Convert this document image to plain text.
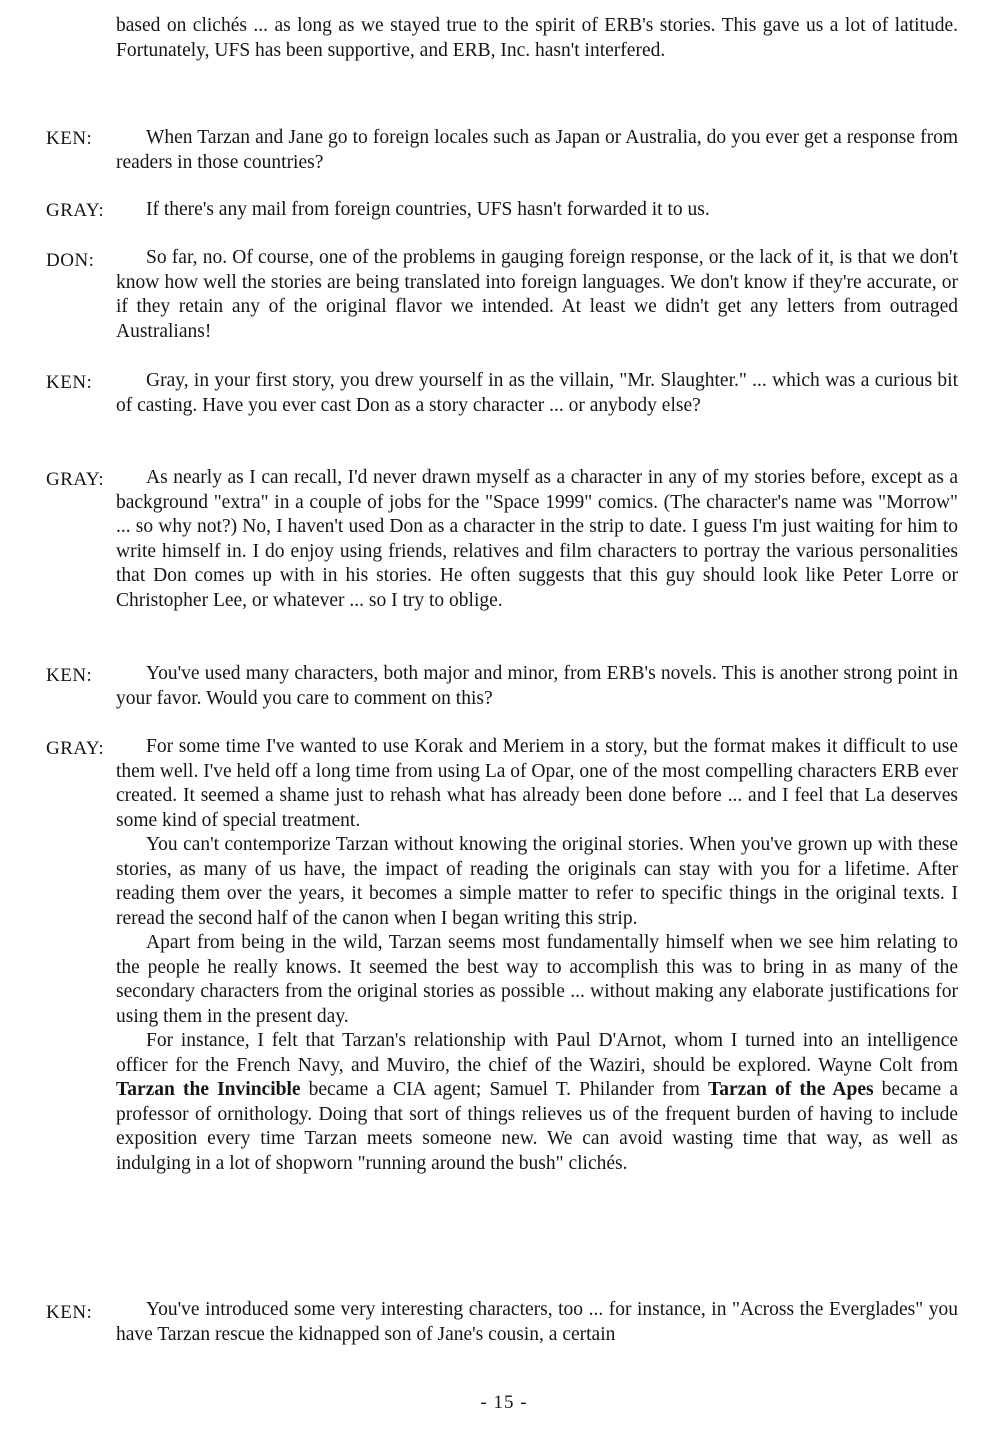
based on clichés ... as long as we stayed true to the spirit of ERB's stories. This gave us a lot of latitude. Fortunately, UFS has been supportive, and ERB, Inc. hasn't interfered.

KEN:	When Tarzan and Jane go to foreign locales such as Japan or Australia, do you ever get a response from readers in those countries?

GRAY:	If there's any mail from foreign countries, UFS hasn't forwarded it to us.

DON:	So far, no. Of course, one of the problems in gauging foreign response, or the lack of it, is that we don't know how well the stories are being translated into foreign languages. We don't know if they're accurate, or if they retain any of the original flavor we intended. At least we didn't get any letters from outraged Australians!

KEN:	Gray, in your first story, you drew yourself in as the villain, "Mr. Slaughter." ... which was a curious bit of casting. Have you ever cast Don as a story character ... or anybody else?

GRAY:	As nearly as I can recall, I'd never drawn myself as a character in any of my stories before, except as a background "extra" in a couple of jobs for the "Space 1999" comics. (The character's name was "Morrow" ... so why not?) No, I haven't used Don as a character in the strip to date. I guess I'm just waiting for him to write himself in. I do enjoy using friends, relatives and film characters to portray the various personalities that Don comes up with in his stories. He often suggests that this guy should look like Peter Lorre or Christopher Lee, or whatever ... so I try to oblige.

KEN:	You've used many characters, both major and minor, from ERB's novels. This is another strong point in your favor. Would you care to comment on this?

GRAY:	For some time I've wanted to use Korak and Meriem in a story, but the format makes it difficult to use them well. I've held off a long time from using La of Opar, one of the most compelling characters ERB ever created. It seemed a shame just to rehash what has already been done before ... and I feel that La deserves some kind of special treatment.

You can't contemporize Tarzan without knowing the original stories. When you've grown up with these stories, as many of us have, the impact of reading the originals can stay with you for a lifetime. After reading them over the years, it becomes a simple matter to refer to specific things in the original texts. I reread the second half of the canon when I began writing this strip.

Apart from being in the wild, Tarzan seems most fundamentally himself when we see him relating to the people he really knows. It seemed the best way to accomplish this was to bring in as many of the secondary characters from the original stories as possible ... without making any elaborate justifications for using them in the present day.

For instance, I felt that Tarzan's relationship with Paul D'Arnot, whom I turned into an intelligence officer for the French Navy, and Muviro, the chief of the Waziri, should be explored. Wayne Colt from Tarzan the Invincible became a CIA agent; Samuel T. Philander from Tarzan of the Apes became a professor of ornithology. Doing that sort of things relieves us of the frequent burden of having to include exposition every time Tarzan meets someone new. We can avoid wasting time that way, as well as indulging in a lot of shopworn "running around the bush" clichés.

KEN:	You've introduced some very interesting characters, too ... for instance, in "Across the Everglades" you have Tarzan rescue the kidnapped son of Jane's cousin, a certain

- 15 -
